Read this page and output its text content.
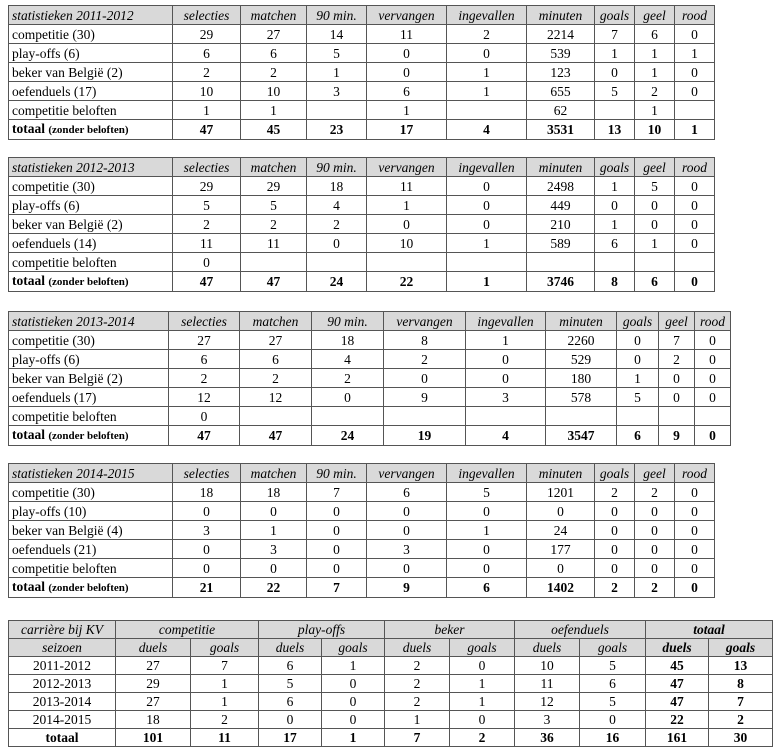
statistieken 2011-2012	selecties	matchen	90 min.	vervangen	ingevallen	minuten	goals	geel	rood
competitie (30)	29	27	14	11	2	2214	7	6	0
play-offs (6)	6	6	5	0	0	539	1	1	1
beker van België (2)	2	2	1	0	1	123	0	1	0
oefenduels (17)	10	10	3	6	1	655	5	2	0
competitie beloften	1	1		1		62		1	
totaal (zonder beloften)	47	45	23	17	4	3531	13	10	1
statistieken 2012-2013	selecties	matchen	90 min.	vervangen	ingevallen	minuten	goals	geel	rood
competitie (30)	29	29	18	11	0	2498	1	5	0
play-offs (6)	5	5	4	1	0	449	0	0	0
beker van België (2)	2	2	2	0	0	210	1	0	0
oefenduels (14)	11	11	0	10	1	589	6	1	0
competitie beloften	0								
totaal (zonder beloften)	47	47	24	22	1	3746	8	6	0
statistieken 2013-2014	selecties	matchen	90 min.	vervangen	ingevallen	minuten	goals	geel	rood
competitie (30)	27	27	18	8	1	2260	0	7	0
play-offs (6)	6	6	4	2	0	529	0	2	0
beker van België (2)	2	2	2	0	0	180	1	0	0
oefenduels (17)	12	12	0	9	3	578	5	0	0
competitie beloften	0								
totaal (zonder beloften)	47	47	24	19	4	3547	6	9	0
statistieken 2014-2015	selecties	matchen	90 min.	vervangen	ingevallen	minuten	goals	geel	rood
competitie (30)	18	18	7	6	5	1201	2	2	0
play-offs (10)	0	0	0	0	0	0	0	0	0
beker van België (4)	3	1	0	0	1	24	0	0	0
oefenduels (21)	0	3	0	3	0	177	0	0	0
competitie beloften	0	0	0	0	0	0	0	0	0
totaal (zonder beloften)	21	22	7	9	6	1402	2	2	0
carrière bij KV	competitie		play-offs		beker		oefenduels		totaal	
seizoen	duels	goals	duels	goals	duels	goals	duels	goals	duels	goals
2011-2012	27	7	6	1	2	0	10	5	45	13
2012-2013	29	1	5	0	2	1	11	6	47	8
2013-2014	27	1	6	0	2	1	12	5	47	7
2014-2015	18	2	0	0	1	0	3	0	22	2
totaal	101	11	17	1	7	2	36	16	161	30
